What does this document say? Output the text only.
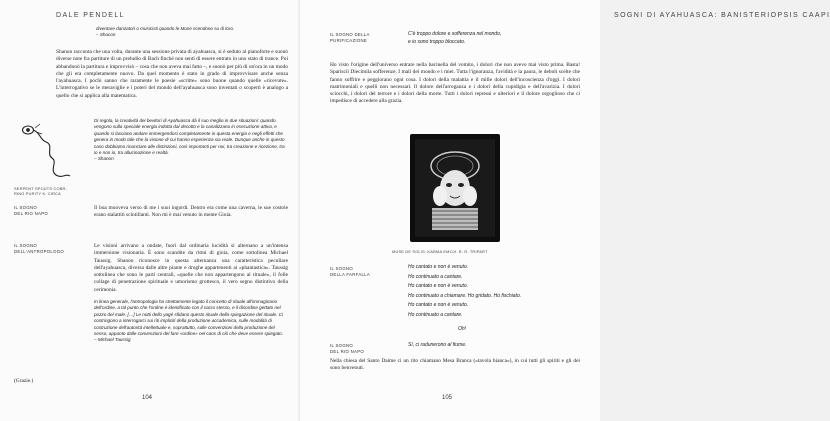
DALE PENDELL
diventare danzatori o musicisti quando le Muse scendono su di loro.
– Shucon
Shanon racconta che una volta, durante una sessione privata di ayahuasca, si è seduto al pianoforte e suonò diverse note fra partiture di un preludio di Bach finché non sentì di essere entrato in uno stato di trance. Poi abbandonò la partitura e improvvisò – cosa che non aveva mai fatto –, e suonò per più di un'ora in un modo che gli era completamente nuovo. Da quel momento è stato in grado di improvvisare anche senza l'ayahuasca. I pochi sanno che raramente le poesie «scritte» sono buone quando quelle «ricevute». L'interrogativo se le meraviglie e i poteri del mondo dell'ayahuasca sono inventati o scoperti è analogo a quello che si applica alla matematica.
SERPENT SPOUTS COBR-
RING PURITY K. CIRCA
Di regola, la creatività dei bevitori di Ayahuasca dà il suo meglio in due situazioni: quando vengono sulla speciale energia indotta dal decotto e la canalizzano in esecuzione attiva, e quando si lasciano andare immergendosi completamente in questa energia e negli effetti che genera in modo tale che la visione di cui hanno esperienza sia reale. Dunque anche in questo caso dobbiamo rinunciare alle distinzioni, così importanti per noi, tra creazione e ricezione, tra io e non io, tra allucinazione e realtà.
– Shanon
IL SOGNO
DEL RIO NAPO
Il boa muoveva verso di me i suoi ingordi. Dentro era come una caverna, le sue costole erano stalattiti scintillanti. Non mi è mai venuto in mente Gioia.
IL SOGNO
DELL'ANTROPOLOGO
Le visioni arrivano a ondate, fuori dal ordinaria lucidità si alternano a un'intensa immersione visionaria. È sono scandite da ritmi di gioia, come sottolinea Michael Taussig. Shanon riconosce in questa alternanza una caratteristica peculiare dell'ayahuasca, diversa dalle altre piante e droghe appartenenti ai «phantastica». Taussig sottolinea che sono le parti centrali, «quelle che non appartengono al rituale», il folle collage di penetrazione spirituale e umorismo grottesco, il vero segno distintivo della cerimonia.
In linea generale, l'antropologia ha strettamente legato il concetto di rituale all'immaginario dell'ordine, a tal punto che l'ordine è identificato con il sacro stesso, e il disordine gettato nel pozzo del male. […] Le notti dello yagé sfidano questo rituale della spiegazione del rituale. Ci costringono a interrogarci sui riti impliciti della produzione accademica, sulle modalità di costruzione dell'autorità intellettuale e, soprattutto, sulle convenzioni della produzione del senso, appunto dalle convenzioni del fare «ordine» nel caos di ciò che deve essere spiegato.
– Michael Taussig
(Grazie.)
104
SOGNI DI AYAHUASCA: BANISTERIOPSIS CAAPI
IL SOGNO DELLA
PURIFICAZIONE
C'è troppo dolore e sofferenza nel mondo,
e io sono troppo bloccato.
Ho visto l'origine dell'universo entrare nella bacinella del vomito, i dolori che non avevo mai visto prima. Basta! Spariscil Diecimila sofferenze. I mali del mondo e i miei. Tutta l'ignoranza, l'avidità e la paura, le deboli scelte che fanno soffrire e peggiorano ogni cosa. I dolori della malattia e il mille dolori dell'incoscienza d'oggi. I dolori matrimoniali e quelli non necessari. Il dolore dell'arroganza e i dolori della cupidigia e dell'avarizia. I dolori sciocchi, i dolori del terrore e i dolori della morte. Tutti i dolori repressi e ulteriori e il dolore orgoglioso che ci impedisce di accedere alla grazia.
MUSE DE SOLIS: KARMA EMOJI. R. R. TRIPART
IL SOGNO
DELLA FARFALLA
Ho cantato e non è venuto.
Ho continuato a cantare.
Ho cantato e non è venuto.
Ho continuato a chiamare. Ho gridato. Ho fischiato.
Ho cantato e non è venuto.
Ho continuato a cantare.
Oh!
IL SOGNO
DEL RIO NAPO
Sì, ci radunerono al fiume.
Nella chiesa del Santo Daime ci un rito chiamano Mesa Branca («tavola bianca»), in cui tutti gli spiriti e gli dei sono benvenuti.
105
